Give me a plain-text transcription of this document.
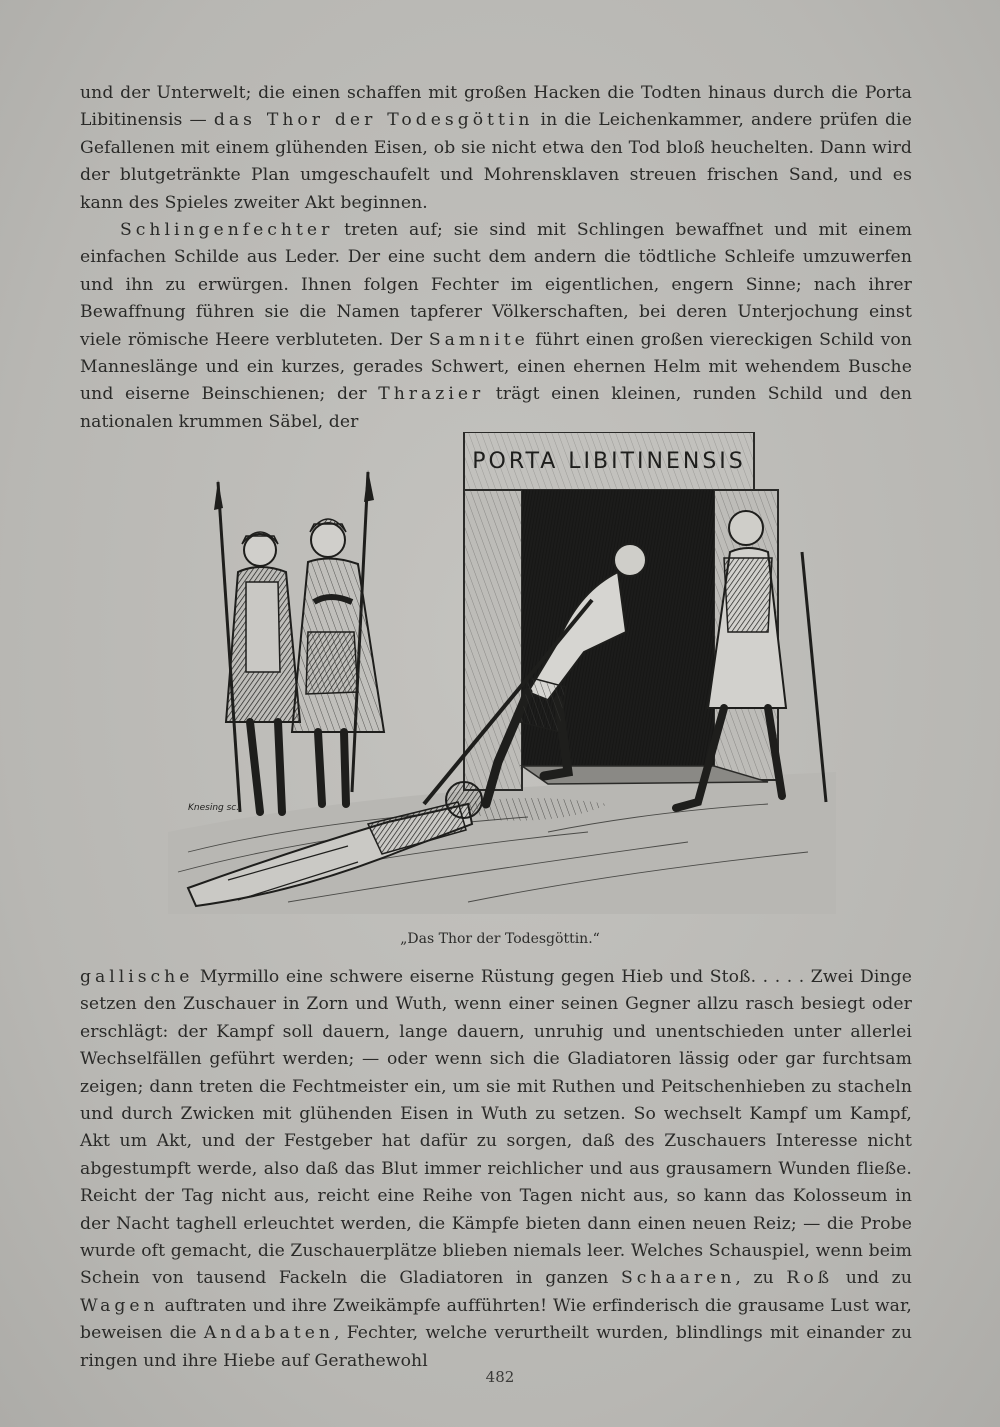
und der Unterwelt; die einen schaffen mit großen Hacken die Todten hinaus durch die Porta Libitinensis — das Thor der Todesgöttin in die Leichenkammer, andere prüfen die Gefallenen mit einem glühenden Eisen, ob sie nicht etwa den Tod bloß heuchelten. Dann wird der blutgetränkte Plan umgeschaufelt und Mohrensklaven streuen frischen Sand, und es kann des Spieles zweiter Akt beginnen.

Schlingenfechter treten auf; sie sind mit Schlingen bewaffnet und mit einem einfachen Schilde aus Leder. Der eine sucht dem andern die tödtliche Schleife umzuwerfen und ihn zu erwürgen. Ihnen folgen Fechter im eigentlichen, engern Sinne; nach ihrer Bewaffnung führen sie die Namen tapferer Völkerschaften, bei deren Unterjochung einst viele römische Heere verbluteten. Der Samnite führt einen großen viereckigen Schild von Manneslänge und ein kurzes, gerades Schwert, einen ehernen Helm mit wehendem Busche und eiserne Beinschienen; der Thrazier trägt einen kleinen, runden Schild und den nationalen krummen Säbel, der

PORTA LIBITINENSIS
Knesing sc.
„Das Thor der Todesgöttin.“

gallische Myrmillo eine schwere eiserne Rüstung gegen Hieb und Stoß. . . . . Zwei Dinge setzen den Zuschauer in Zorn und Wuth, wenn einer seinen Gegner allzu rasch besiegt oder erschlägt: der Kampf soll dauern, lange dauern, unruhig und unentschieden unter allerlei Wechselfällen geführt werden; — oder wenn sich die Gladiatoren lässig oder gar furchtsam zeigen; dann treten die Fechtmeister ein, um sie mit Ruthen und Peitschenhieben zu stacheln und durch Zwicken mit glühenden Eisen in Wuth zu setzen. So wechselt Kampf um Kampf, Akt um Akt, und der Festgeber hat dafür zu sorgen, daß des Zuschauers Interesse nicht abgestumpft werde, also daß das Blut immer reichlicher und aus grausamern Wunden fließe. Reicht der Tag nicht aus, reicht eine Reihe von Tagen nicht aus, so kann das Kolosseum in der Nacht taghell erleuchtet werden, die Kämpfe bieten dann einen neuen Reiz; — die Probe wurde oft gemacht, die Zuschauerplätze blieben niemals leer. Welches Schauspiel, wenn beim Schein von tausend Fackeln die Gladiatoren in ganzen Schaaren, zu Roß und zu Wagen auftraten und ihre Zweikämpfe aufführten! Wie erfinderisch die grausame Lust war, beweisen die Andabaten, Fechter, welche verurtheilt wurden, blindlings mit einander zu ringen und ihre Hiebe auf Gerathewohl

482
